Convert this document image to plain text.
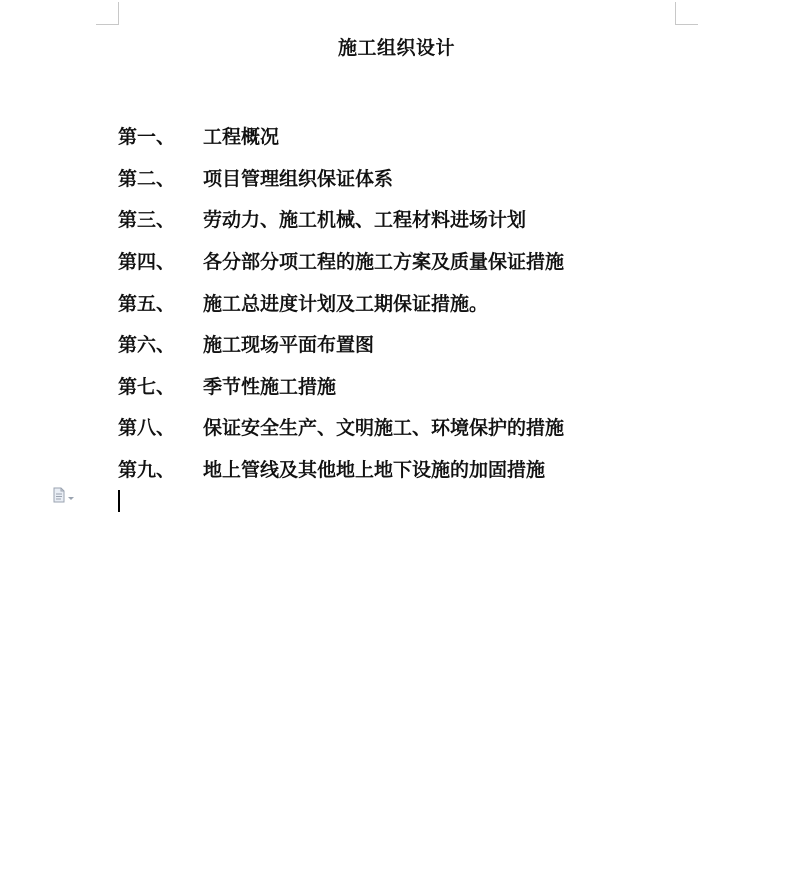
施工组织设计
第一、	工程概况
第二、	项目管理组织保证体系
第三、	劳动力、施工机械、工程材料进场计划
第四、	各分部分项工程的施工方案及质量保证措施
第五、	施工总进度计划及工期保证措施。
第六、	施工现场平面布置图
第七、	季节性施工措施
第八、	保证安全生产、文明施工、环境保护的措施
第九、	地上管线及其他地上地下设施的加固措施
